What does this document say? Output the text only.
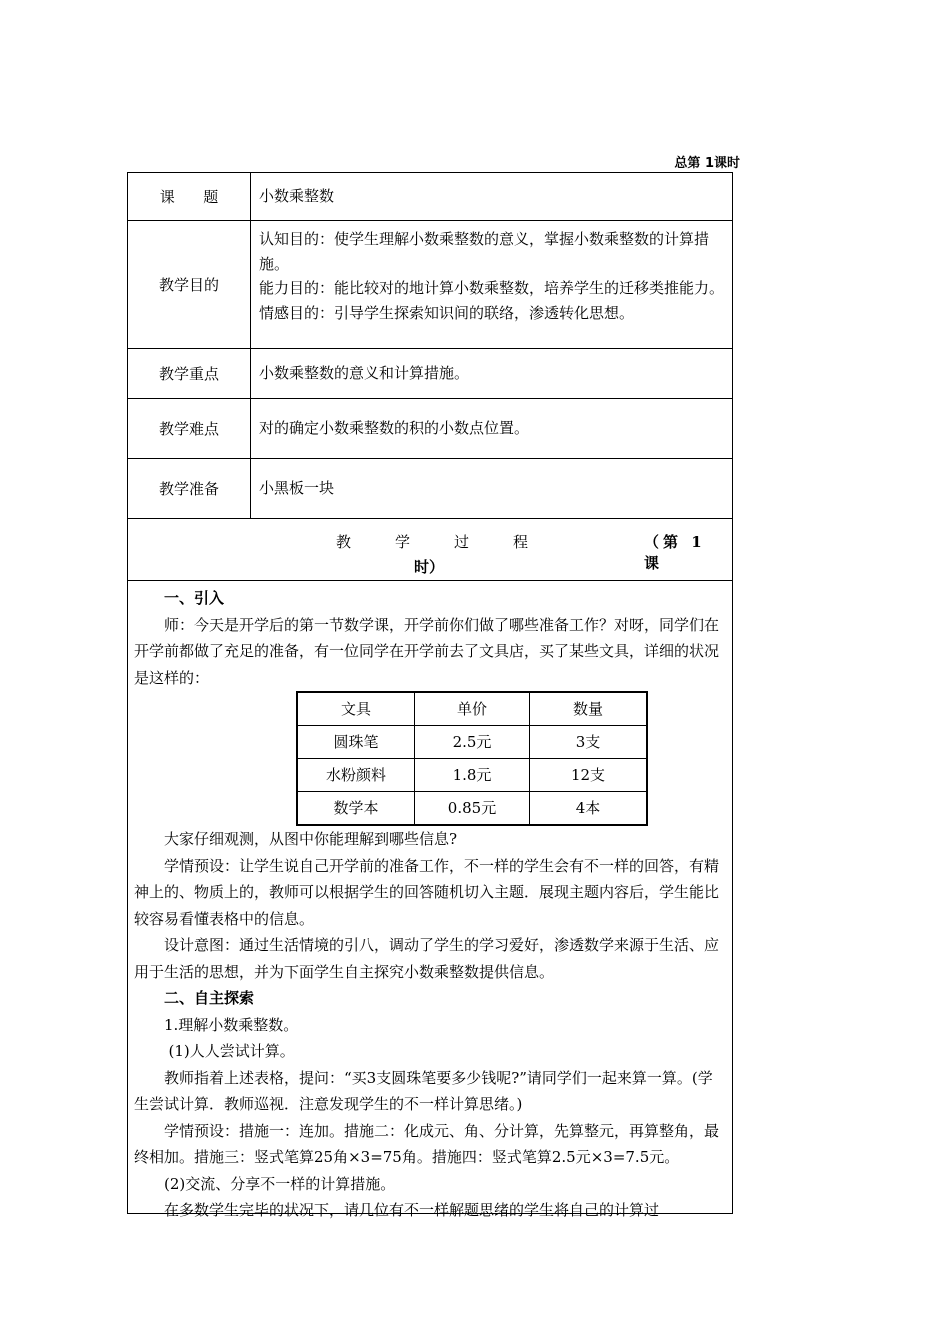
总第 1课时
课      题	小数乘整数
教学目的

认知目的：使学生理解小数乘整数的意义，掌握小数乘整数的计算措施。

能力目的：能比较对的地计算小数乘整数，培养学生的迁移类推能力。

情感目的：引导学生探索知识间的联络，渗透转化思想。

教学重点	小数乘整数的意义和计算措施。
教学难点	对的确定小数乘整数的积的小数点位置。
教学准备	小黑板一块
教学过程	（第 1 课
时）

一、引入

师：今天是开学后的第一节数学课，开学前你们做了哪些准备工作？对呀，同学们在开学前都做了充足的准备，有一位同学在开学前去了文具店，买了某些文具，详细的状况是这样的：

文具	单价	数量
圆珠笔	2.5元	3支
水粉颜料	1.8元	12支
数学本	0.85元	4本

大家仔细观测，从图中你能理解到哪些信息?

学情预设：让学生说自己开学前的准备工作，不一样的学生会有不一样的回答，有精神上的、物质上的，教师可以根据学生的回答随机切入主题．展现主题内容后，学生能比较容易看懂表格中的信息。

设计意图：通过生活情境的引八，调动了学生的学习爱好，渗透数学来源于生活、应用于生活的思想，并为下面学生自主探究小数乘整数提供信息。

二、自主探索

1.理解小数乘整数。

(1)人人尝试计算。

教师指着上述表格，提问：“买3支圆珠笔要多少钱呢?”请同学们一起来算一算。(学生尝试计算．教师巡视．注意发现学生的不一样计算思绪。)

学情预设：措施一：连加。措施二：化成元、角、分计算，先算整元，再算整角，最终相加。措施三：竖式笔算25角×3=75角。措施四：竖式笔算2.5元×3=7.5元。

(2)交流、分享不一样的计算措施。

在多数学生完毕的状况下，请几位有不一样解题思绪的学生将自己的计算过
